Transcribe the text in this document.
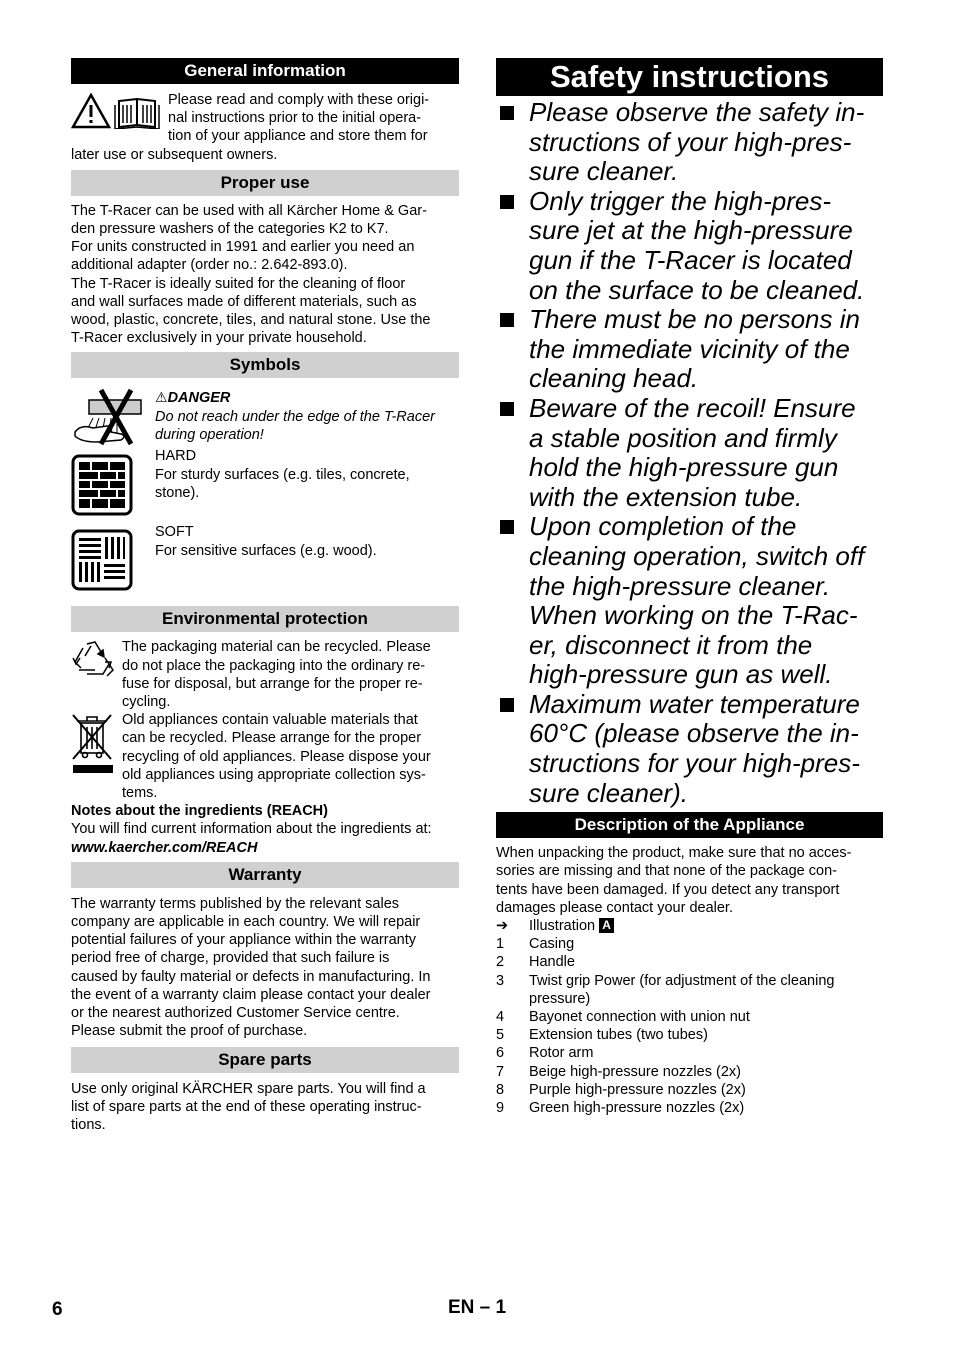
General information

Please read and comply with these origi-

nal instructions prior to the initial opera-

tion of your appliance and store them for

later use or subsequent owners.
Proper use

The T-Racer can be used with all Kärcher Home & Gar-

den pressure washers of the categories K2 to K7.

For units constructed in 1991 and earlier you need an

additional adapter (order no.: 2.642-893.0).

The T-Racer is ideally suited for the cleaning of floor

and wall surfaces made of different materials, such as

wood, plastic, concrete, tiles, and natural stone. Use the

T-Racer exclusively in your private household.

Symbols
⚠DANGER
Do not reach under the edge of the T-Racer
during operation!
HARD
For sturdy surfaces (e.g. tiles, concrete,
stone).
SOFT
For sensitive surfaces (e.g. wood).
Environmental protection

The packaging material can be recycled. Please

do not place the packaging into the ordinary re-

fuse for disposal, but arrange for the proper re-

cycling.

Old appliances contain valuable materials that

can be recycled. Please arrange for the proper

recycling of old appliances. Please dispose your

old appliances using appropriate collection sys-

tems.

Notes about the ingredients (REACH)

You will find current information about the ingredients at:

www.kaercher.com/REACH

Warranty

The warranty terms published by the relevant sales

company are applicable in each country. We will repair

potential failures of your appliance within the warranty

period free of charge, provided that such failure is

caused by faulty material or defects in manufacturing. In

the event of a warranty claim please contact your dealer

or the nearest authorized Customer Service centre.

Please submit the proof of purchase.

Spare parts

Use only original KÄRCHER spare parts. You will find a

list of spare parts at the end of these operating instruc-

tions.

Safety instructions
Please observe the safety in-
structions of your high-pres-
sure cleaner.
Only trigger the high-pres-
sure jet at the high-pressure
gun if the T-Racer is located
on the surface to be cleaned.
There must be no persons in
the immediate vicinity of the
cleaning head.
Beware of the recoil! Ensure
a stable position and firmly
hold the high-pressure gun
with the extension tube.
Upon completion of the
cleaning operation, switch off
the high-pressure cleaner.
When working on the T-Rac-
er, disconnect it from the
high-pressure gun as well.
Maximum water temperature
60°C (please observe the in-
structions for your high-pres-
sure cleaner).
Description of the Appliance

When unpacking the product, make sure that no acces-

sories are missing and that none of the package con-

tents have been damaged. If you detect any transport

damages please contact your dealer.

➔ Illustration A
1 Casing
2 Handle
3 Twist grip Power (for adjustment of the cleaning
pressure)
4 Bayonet connection with union nut
5 Extension tubes (two tubes)
6 Rotor arm
7 Beige high-pressure nozzles (2x)
8 Purple high-pressure nozzles (2x)
9 Green high-pressure nozzles (2x)
6	EN – 1
